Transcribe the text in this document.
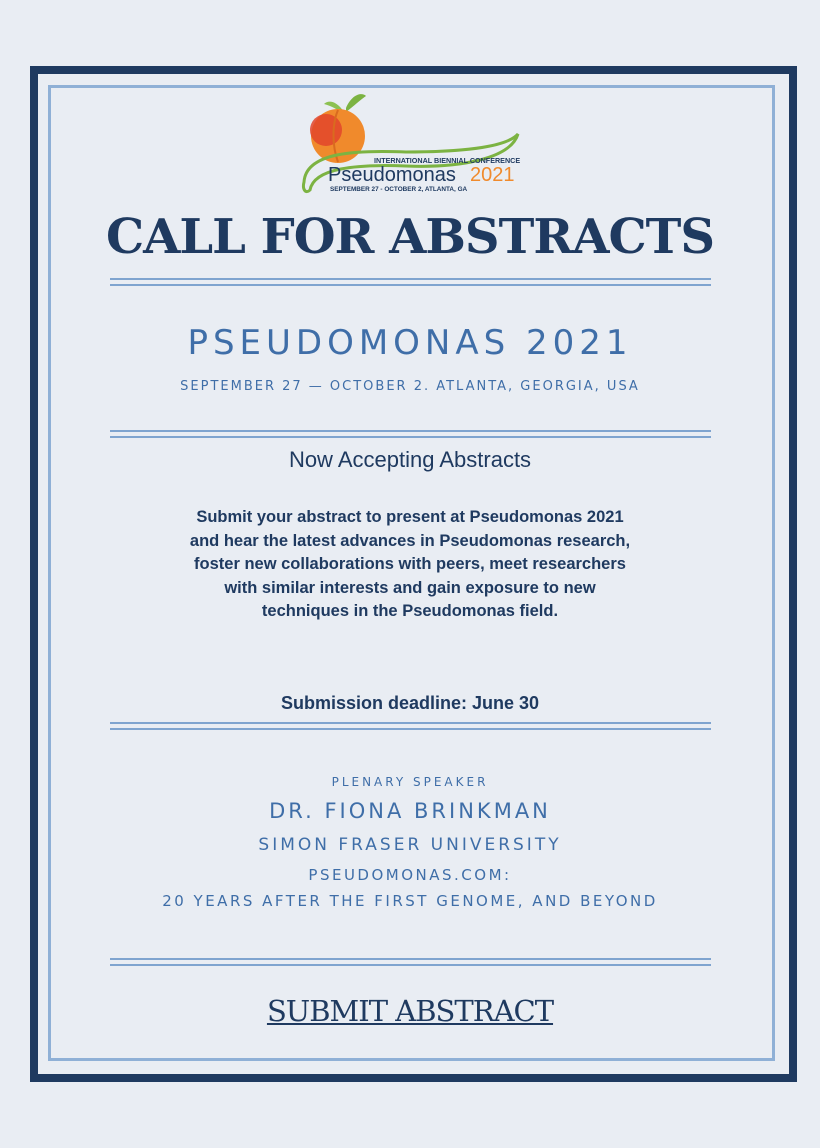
INTERNATIONAL BIENNIAL CONFERENCE
Pseudomonas 2021
SEPTEMBER 27 - OCTOBER 2, ATLANTA, GA
CALL FOR ABSTRACTS
PSEUDOMONAS 2021
SEPTEMBER 27 — OCTOBER 2. ATLANTA, GEORGIA, USA
Now Accepting Abstracts
Submit your abstract to present at Pseudomonas 2021 and hear the latest advances in Pseudomonas research, foster new collaborations with peers, meet researchers with similar interests and gain exposure to new techniques in the Pseudomonas field.
Submission deadline: June 30
PLENARY SPEAKER
DR. FIONA BRINKMAN
SIMON FRASER UNIVERSITY
PSEUDOMONAS.COM:
20 YEARS AFTER THE FIRST GENOME, AND BEYOND
SUBMIT ABSTRACT
